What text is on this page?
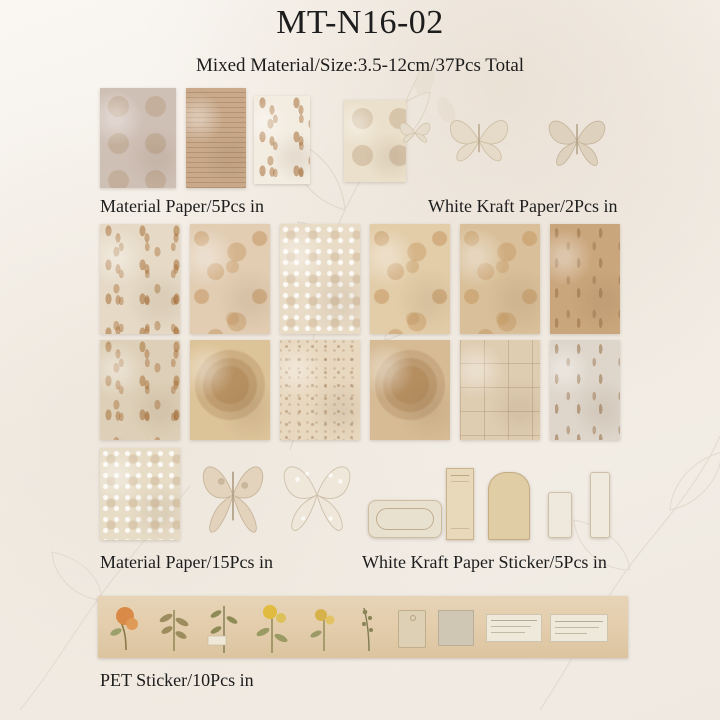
MT-N16-02
Mixed Material/Size:3.5-12cm/37Pcs Total
Material Paper/5Pcs in	White Kraft Paper/2Pcs in
Material Paper/15Pcs in	White Kraft Paper Sticker/5Pcs in
PET Sticker/10Pcs in
